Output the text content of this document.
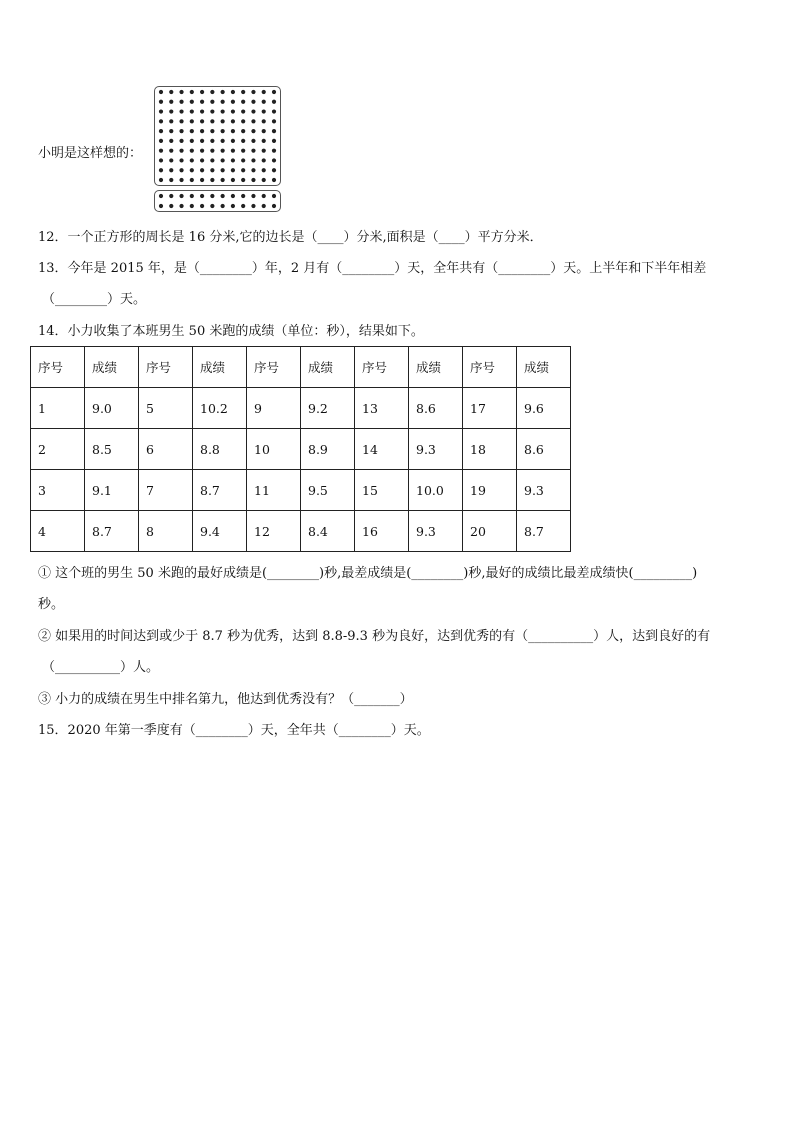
小明是这样想的：
12．一个正方形的周长是 16 分米,它的边长是（____）分米,面积是（____）平方分米．
13．今年是 2015 年，是（________）年，2 月有（________）天，全年共有（________）天。上半年和下半年相差
（________）天。
14．小力收集了本班男生 50 米跑的成绩（单位：秒），结果如下。
序号	成绩	序号	成绩	序号	成绩	序号	成绩	序号	成绩
1	9.0	5	10.2	9	9.2	13	8.6	17	9.6
2	8.5	6	8.8	10	8.9	14	9.3	18	8.6
3	9.1	7	8.7	11	9.5	15	10.0	19	9.3
4	8.7	8	9.4	12	8.4	16	9.3	20	8.7
① 这个班的男生 50 米跑的最好成绩是(________)秒,最差成绩是(________)秒,最好的成绩比最差成绩快(_________)
秒。
② 如果用的时间达到或少于 8.7 秒为优秀，达到 8.8-9.3 秒为良好，达到优秀的有（__________）人，达到良好的有
（__________）人。
③ 小力的成绩在男生中排名第九，他达到优秀没有？（_______）
15．2020 年第一季度有（________）天，全年共（________）天。
